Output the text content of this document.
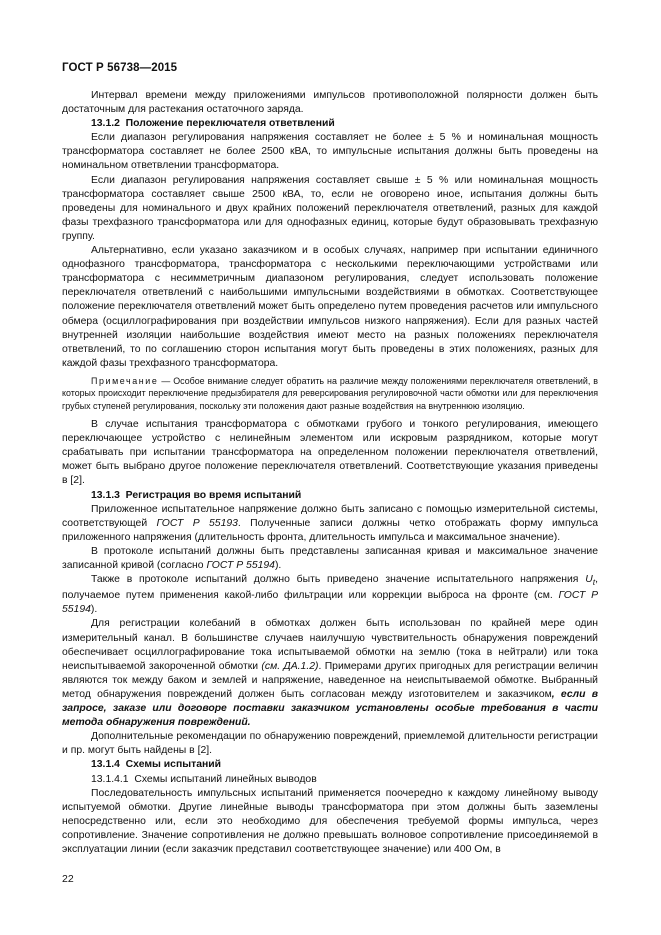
ГОСТ Р 56738—2015

Интервал времени между приложениями импульсов противоположной полярности должен быть достаточным для растекания остаточного заряда.

13.1.2 Положение переключателя ответвлений

Если диапазон регулирования напряжения составляет не более ± 5 % и номинальная мощность трансформатора составляет не более 2500 кВА, то импульсные испытания должны быть проведены на номинальном ответвлении трансформатора.

Если диапазон регулирования напряжения составляет свыше ± 5 % или номинальная мощность трансформатора составляет свыше 2500 кВА, то, если не оговорено иное, испытания должны быть проведены для номинального и двух крайних положений переключателя ответвлений, разных для каждой фазы трехфазного трансформатора или для однофазных единиц, которые будут образовывать трехфазную группу.

Альтернативно, если указано заказчиком и в особых случаях, например при испытании единичного однофазного трансформатора, трансформатора с несколькими переключающими устройствами или трансформатора с несимметричным диапазоном регулирования, следует использовать положение переключателя ответвлений с наибольшими импульсными воздействиями в обмотках. Соответствующее положение переключателя ответвлений может быть определено путем проведения расчетов или импульсного обмера (осциллографирования при воздействии импульсов низкого напряжения). Если для разных частей внутренней изоляции наибольшие воздействия имеют место на разных положениях переключателя ответвлений, то по соглашению сторон испытания могут быть проведены в этих положениях, разных для каждой фазы трехфазного трансформатора.

Примечание — Особое внимание следует обратить на различие между положениями переключателя ответвлений, в которых происходит переключение предызбирателя для реверсирования регулировочной части обмотки или для переключения грубых ступеней регулирования, поскольку эти положения дают разные воздействия на внутреннюю изоляцию.

В случае испытания трансформатора с обмотками грубого и тонкого регулирования, имеющего переключающее устройство с нелинейным элементом или искровым разрядником, которые могут срабатывать при испытании трансформатора на определенном положении переключателя ответвлений, может быть выбрано другое положение переключателя ответвлений. Соответствующие указания приведены в [2].

13.1.3 Регистрация во время испытаний

Приложенное испытательное напряжение должно быть записано с помощью измерительной системы, соответствующей ГОСТ Р 55193. Полученные записи должны четко отображать форму импульса приложенного напряжения (длительность фронта, длительность импульса и максимальное значение).

В протоколе испытаний должны быть представлены записанная кривая и максимальное значение записанной кривой (согласно ГОСТ Р 55194).

Также в протоколе испытаний должно быть приведено значение испытательного напряжения $U_t$, получаемое путем применения какой-либо фильтрации или коррекции выброса на фронте (см. ГОСТ Р 55194).

Для регистрации колебаний в обмотках должен быть использован по крайней мере один измерительный канал. В большинстве случаев наилучшую чувствительность обнаружения повреждений обеспечивает осциллографирование тока испытываемой обмотки на землю (тока в нейтрали) или тока неиспытываемой закороченной обмотки (см. ДА.1.2). Примерами других пригодных для регистрации величин являются ток между баком и землей и напряжение, наведенное на неиспытываемой обмотке. Выбранный метод обнаружения повреждений должен быть согласован между изготовителем и заказчиком, если в запросе, заказе или договоре поставки заказчиком установлены особые требования в части метода обнаружения повреждений.

Дополнительные рекомендации по обнаружению повреждений, приемлемой длительности регистрации и пр. могут быть найдены в [2].

13.1.4 Схемы испытаний

13.1.4.1 Схемы испытаний линейных выводов

Последовательность импульсных испытаний применяется поочередно к каждому линейному выводу испытуемой обмотки. Другие линейные выводы трансформатора при этом должны быть заземлены непосредственно или, если это необходимо для обеспечения требуемой формы импульса, через сопротивление. Значение сопротивления не должно превышать волновое сопротивление присоединяемой в эксплуатации линии (если заказчик представил соответствующее значение) или 400 Ом, в

22
